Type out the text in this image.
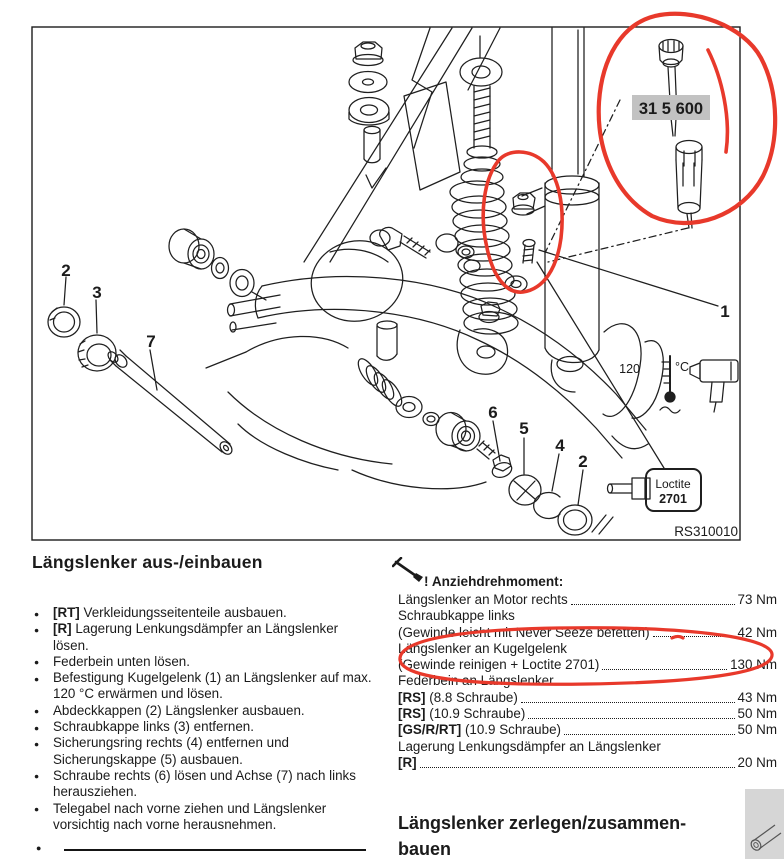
31 5 600
RS310010
120	°C
Loctite
2701
2
3
7
6
5
4
2
1
Längslenker aus-/einbauen
● [RT] Verkleidungsseitenteile ausbauen.
● [R] Lagerung Lenkungsdämpfer an Längslenker lösen.
● Federbein unten lösen.
● Befestigung Kugelgelenk (1) an Längslenker auf max. 120 °C erwärmen und lösen.
● Abdeckkappen (2) Längslenker ausbauen.
● Schraubkappe links (3) entfernen.
● Sicherungsring rechts (4) entfernen und Sicherungskappe (5) ausbauen.
● Schraube rechts (6) lösen und Achse (7) nach links herausziehen.
● Telegabel nach vorne ziehen und Längslenker vorsichtig nach vorne herausnehmen.
! Anziehdrehmoment:
Längslenker an Motor rechts	73 Nm
Schraubkappe links
(Gewinde leicht mit Never Seeze befetten)	42 Nm
Längslenker an Kugelgelenk
(Gewinde reinigen + Loctite 2701)	130 Nm
Federbein an Längslenker
[RS] (8.8 Schraube)	43 Nm
[RS] (10.9 Schraube)	50 Nm
[GS/R/RT] (10.9 Schraube)	50 Nm
Lagerung Lenkungsdämpfer an Längslenker
[R]	20 Nm
Längslenker zerlegen/zusammen-
bauen
●
